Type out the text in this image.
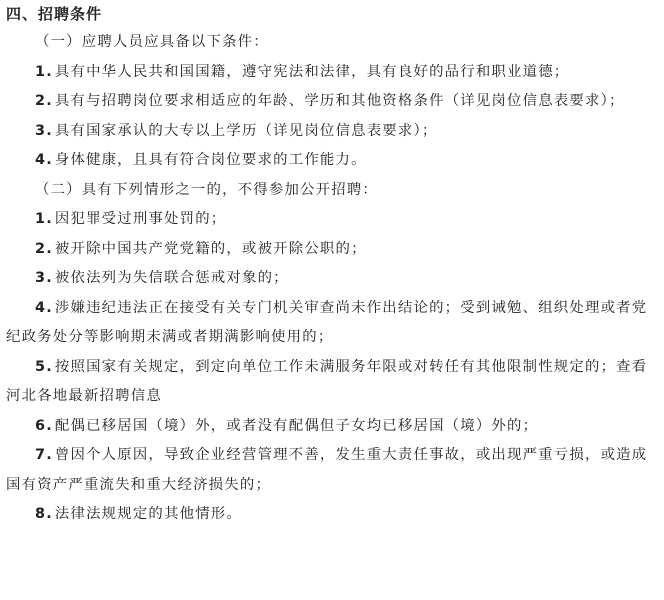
四、招聘条件

（一）应聘人员应具备以下条件：

1. 具有中华人民共和国国籍，遵守宪法和法律，具有良好的品行和职业道德；

2. 具有与招聘岗位要求相适应的年龄、学历和其他资格条件（详见岗位信息表要求）；

3. 具有国家承认的大专以上学历（详见岗位信息表要求）；

4. 身体健康，且具有符合岗位要求的工作能力。

（二）具有下列情形之一的，不得参加公开招聘：

1. 因犯罪受过刑事处罚的；

2. 被开除中国共产党党籍的，或被开除公职的；

3. 被依法列为失信联合惩戒对象的；

4. 涉嫌违纪违法正在接受有关专门机关审查尚未作出结论的；受到诫勉、组织处理或者党纪政务处分等影响期未满或者期满影响使用的；

5. 按照国家有关规定，到定向单位工作未满服务年限或对转任有其他限制性规定的；查看河北各地最新招聘信息

6. 配偶已移居国（境）外，或者没有配偶但子女均已移居国（境）外的；

7. 曾因个人原因，导致企业经营管理不善，发生重大责任事故，或出现严重亏损，或造成国有资产严重流失和重大经济损失的；

8. 法律法规规定的其他情形。
